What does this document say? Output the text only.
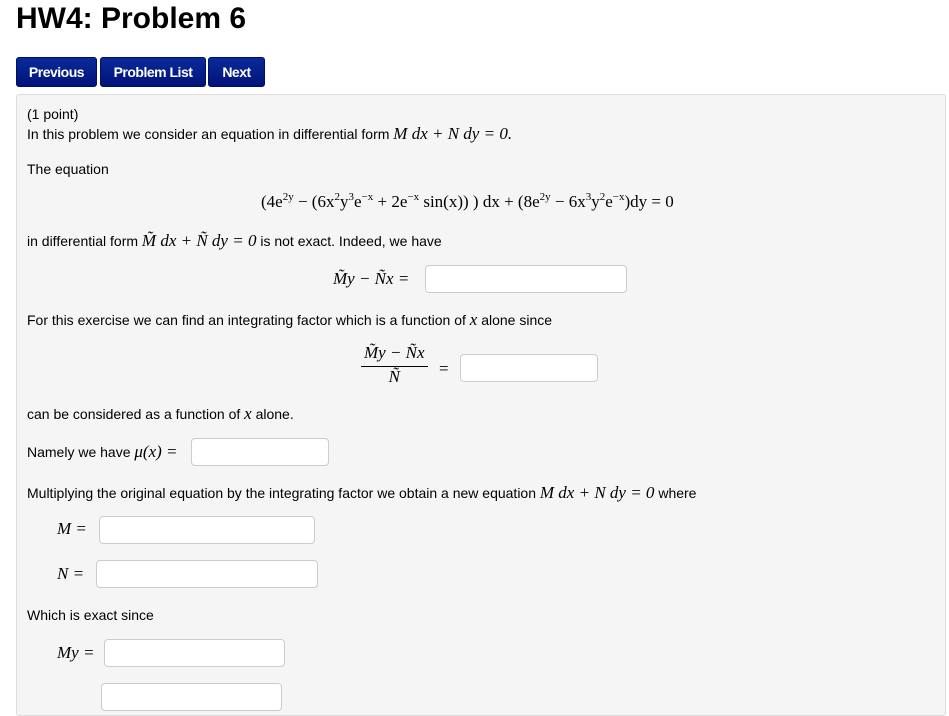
HW4: Problem 6
Previous	Problem List	Next
(1 point)
In this problem we consider an equation in differential form M dx + N dy = 0.
The equation
($4e^{2y} - (6x^2y^3e^{-x} + 2e^{-x}$ sin(x)) ) dx + $(8e^{2y} - 6x^3y^2e^{-x})dy = 0$
in differential form M̃ dx + Ñ dy = 0 is not exact. Indeed, we have
M̃y − Ñx =
For this exercise we can find an integrating factor which is a function of x alone since
$\frac{M̃y - Ñx}{Ñ}$ =
can be considered as a function of x alone.
Namely we have μ(x) =
Multiplying the original equation by the integrating factor we obtain a new equation M dx + N dy = 0 where
M =
N =
Which is exact since
My =
